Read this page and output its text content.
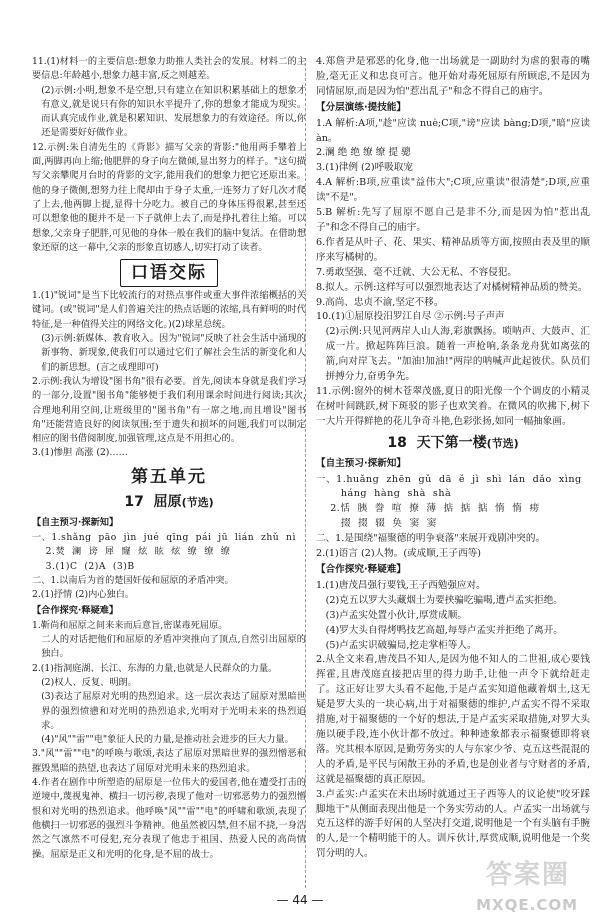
11.(1)材料一的主要信息:想象力助推人类社会的发展。材料二的主要信息:年龄越小,想象力越丰富,反之则越差。

(2)示例:小明,想象不是空想,只有建立在知识积累基础上的想象才有意义,就是说只有你的知识水平提升了,你的想象才能成为现实。而认真完成作业,就是积累知识、发展想象力的有效途径。所以,你还是需要好好做作业。

12.示例:朱自清先生的《背影》描写父亲的背影:"他用两手攀着上面,两脚再向上缩;他肥胖的身子向左微倾,显出努力的样子。"这句描写父亲攀爬月台时的背影的文字,能用我们的想象力把它还原出来。他的身子微侧,想努力往上爬却由于身子太重,一连努力了好几次才爬了上去,他两脚上提,显得十分吃力。被自己的身体压得很累,甚至还可以想象他的腿并不是一下子就伸上去了,而是挣扎着往上缩。可以想象,父亲身子肥胖,可见他的身体一般在我们的脑中复活。在借助想象还原的这一幕中,父亲的形象直切感人,切实打动了读者。

口语交际

1.(1)"锐词"是当下比较流行的对热点事件或重大事件浓缩概括的关键词。(或"锐词"是人们普遍关注的热点话题的浓缩,具有鲜明的时代特征,是一种值得关注的网络文化。)(2)球星总统。

(3)示例:新媒体、教育收入。因为"锐词"反映了社会生活中涌现的新事物、新现象,使我们可以通过它们了解社会生活的新变化和人们的新思想。(言之成理即可)

2.示例:我认为增设"图书角"很有必要。首先,阅读本身就是我们学习的一部分,设置"图书角"能够便于我们利用课余时间进行阅读;其次,合理地利用空间,让班级里的"图书角"有一席之地,而且增设"图书角"还能营造良好的阅读氛围;至于遗失和损坏的问题,我们可以制定相应的图书借阅制度,加强管理,这点是不用担心的。

3.(1)惨胆 高涨 (2)……

第五单元
17 屈原(节选)
【自主预习·探新知】
一、1.shǎng  pāo  jìn  jué  qīng  pái  jū  lián  zhǔ  nì
2.焚  澜  谤  犀  窿  炫  眩  炫  缭  缭  缭
3.(1)C  (2)A  (3)B
二、1.以南后为首的楚国奸佞和屈原的矛盾冲突。
2.(1)抒情 (2)内心独白。
【合作探究·释疑难】

1.靳尚和屈原之间来来而后意旨,密谋毒死屈原。

二人的对话把他们和屈原的矛盾冲突推向了顶点,自然引出屈原的独白。

2.(1)指洞庭湖、长江、东海的力量,也就是人民群众的力量。

(2)权人、反复、明朗。

(3)表达了屈原对光明的热烈追求。这一层次表达了屈原对黑暗世界的强烈愤懑和对光明的热烈追求,光明对于光明未来的热烈追求。

(4)"风""雷""电"象征人民的力量,是推动社会进步的巨大力量。

3."风""雷""电"的呼唤与歌颂,表达了屈原对黑暗世界的强烈憎恶和摧毁黑暗的热望,也表达了屈原对光明未来的热烈追求。

4.作者在剧作中所塑造的屈原是一位伟大的爱国者,他在遭受打击的逆境中,蔑视鬼神、横扫一切污秽,表现了他对一切邪恶势力的强烈憎恨和对光明的热烈追求。他呼唤"风""雷""电"的呼啸和歌颂,表现了他横扫一切邪恶的强烈斗争精神。他虽然被囚禁,但不屈不挠,一身浩然之气凛然不可侵犯,充分表现了他忠于祖国、热爱人民的高尚情操。屈原是正义和光明的化身,是不屈的战士。

4.郑詹尹是邪恶的化身,他一出场就是一副助纣为虐的狠毒的嘴脸,毫无正义和忠良可言。他开始对毒死屈原有所顾虑,不是因为同情屈原,而是因为怕"惹出乱子"和念不得自己的庙宇。

【分层演练·提技能】

1.A 解析:A项,"趁"应读 nuè;C项,"谤"应读 bàng;D项,"暗"应读 àn。

2.澜 绝 绝 缭 缭 提 骢

3.(1)律例 (2)呼吸取宠

4.A 解析:B项,应重读"益伟大";C项,应重读"很清楚";D项,应重读"不是"。

5.B 解析:先写了屈原不愿自己是非不分,而是因为怕"惹出乱子"和念不得自己的庙宇。

6.作者是从叶子、花、果实、精神品质等方面,按照由表及里的顺序来写橘树的。

7.勇敢坚强、毫不迁就、大公无私、不容侵犯。

8.拟人。示例:这样写可以强烈地表达了对橘树精神品质的赞美。

9.高尚、忠贞不渝,坚定不移。

10.(1)①屈原投汨罗江自尽 ②示例:号子声声

(2)示例:只见河两岸人山人海,彩旗飘扬。唢呐声、大鼓声、汇成一片。掀起阵阵巨浪。随着一声枪响,条条龙舟犹如离弦的箭,向对岸飞去。"加油!加油!"两岸的呐喊声此起彼伏。队员们拼搏分力,奋勇争先。

11.示例:窗外的树木苍翠茂盛,夏日的阳光像一个个调皮的小精灵在树叶间跳跃,树下斑驳的影子也欢笑着。在微风的吹拂下,树下一大片开得鲜艳的花儿争奇斗艳,色彩张扬,如同一幅抽象画。

18 天下第一楼(节选)
【自主预习·探新知】
一、1.huǎng  zhēn  gǔ  dā  ě  jì  shì  lán  dǎo  xìng
háng  hàng  shà  shà
2.恬  胰  誊  喧  撩  薄  掂  掂  掂  惰  惰  痨
掇  掇  辍  奂  窦  窦

二、1.是围绕"福聚德的明争衰落"来展开戏剧冲突的。

2.(1)语言 (2)人物。(或成顺,王子西等)

【合作探究·释疑难】

1.(1)唐茂昌强行要钱,王子西勉强应对。

(2)克五以罗大头藏烟土为要挟骗吃骗喝,遭卢孟实拒绝。

(3)卢孟实处置小伙计,厚赏成顺。

(4)罗大头自得烤鸭技艺高超,每辱卢孟实并拒绝了离开。

(5)卢孟实识破骗局,挖走掌柜等人。

2.从全文来看,唐茂昌不知人,是因为他不知人的二世祖,成心要钱挥霍,且唐茂庭直接把店里的得力助手,让他一声令下就给赶走了。这正好让罗大头看不起他,于是卢孟实知道他藏着烟土,这无疑是罗大头的一块心病,出于对福聚德的维护,卢孟实不得不采取措施,对于福聚德的一个好的想法,于是卢孟实采取措施,对罗大头施以硬手段,连小伙计都不放过。种种迹象都表示福聚德即将衰落。究其根本原因,是勤劳务实的人与东家少爷、克五这些混混的人的矛盾,是平民与闲散王孙的矛盾,也是创业者与守财者的矛盾,这就是福聚德的真正原因。

3.卢孟实:卢孟实在未出场时就通过王子西等人的议论使"咬牙踩脚地干"从侧面表现出他是一个务实劳动的人。卢孟实一出场就与克五这样的游手好闲的人坚决打交道,说明他是一个有头脑有手腕的人,是一个精明能干的人。训斥伙计,厚赏成顺,说明他是一个奖罚分明的人。

— 44 —
答案圈
MXQE.COM
